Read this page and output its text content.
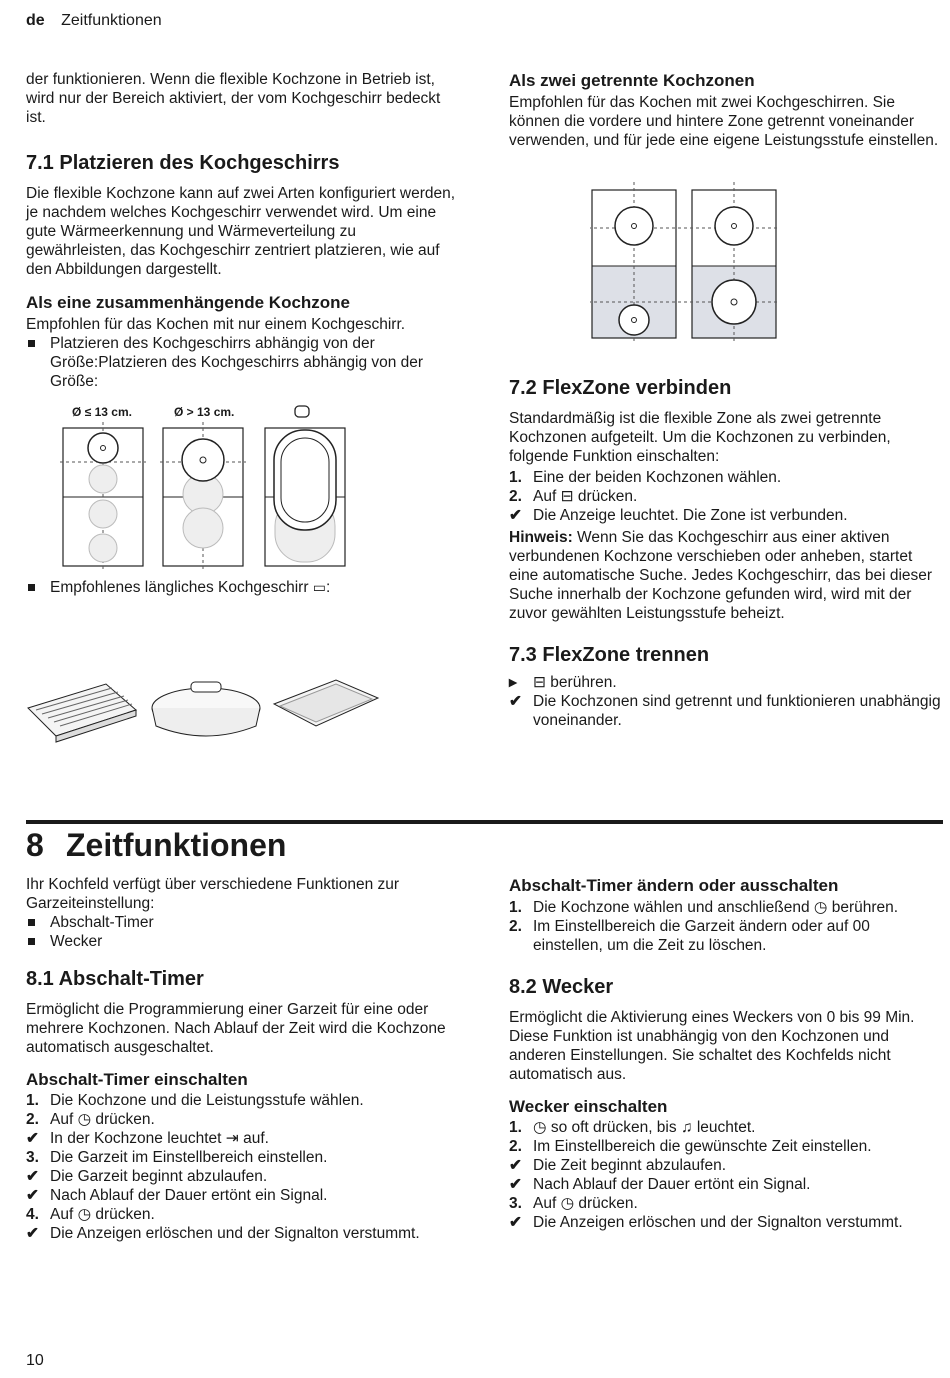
de Zeitfunktionen

der funktionieren. Wenn die flexible Kochzone in Betrieb ist, wird nur der Bereich aktiviert, der vom Kochgeschirr bedeckt ist.

7.1 Platzieren des Kochgeschirrs

Die flexible Kochzone kann auf zwei Arten konfiguriert werden, je nachdem welches Kochgeschirr verwendet wird. Um eine gute Wärmeerkennung und Wärmeverteilung zu gewährleisten, das Kochgeschirr zentriert platzieren, wie auf den Abbildungen dargestellt.

Als eine zusammenhängende Kochzone

Empfohlen für das Kochen mit nur einem Kochgeschirr.

Platzieren des Kochgeschirrs abhängig von der Größe:Platzieren des Kochgeschirrs abhängig von der Größe:
Ø ≤ 13 cm.	Ø > 13 cm.
Empfohlenes längliches Kochgeschirr ▭:
Als zwei getrennte Kochzonen

Empfohlen für das Kochen mit zwei Kochgeschirren. Sie können die vordere und hintere Zone getrennt voneinander verwenden, und für jede eine eigene Leistungsstufe einstellen.

7.2 FlexZone verbinden

Standardmäßig ist die flexible Zone als zwei getrennte Kochzonen aufgeteilt. Um die Kochzonen zu verbinden, folgende Funktion einschalten:

1. Eine der beiden Kochzonen wählen.
2. Auf ⊟ drücken.
✔ Die Anzeige leuchtet. Die Zone ist verbunden.

Hinweis: Wenn Sie das Kochgeschirr aus einer aktiven verbundenen Kochzone verschieben oder anheben, startet eine automatische Suche. Jedes Kochgeschirr, das bei dieser Suche innerhalb der Kochzone gefunden wird, wird mit der zuvor gewählten Leistungsstufe beheizt.

7.3 FlexZone trennen
▸	⊟ berühren.
✔ Die Kochzonen sind getrennt und funktionieren unabhängig voneinander.
8 Zeitfunktionen

Ihr Kochfeld verfügt über verschiedene Funktionen zur Garzeiteinstellung:

Abschalt-Timer
Wecker
8.1 Abschalt-Timer

Ermöglicht die Programmierung einer Garzeit für eine oder mehrere Kochzonen. Nach Ablauf der Zeit wird die Kochzone automatisch ausgeschaltet.

Abschalt-Timer einschalten
1. Die Kochzone und die Leistungsstufe wählen.
2. Auf ◷ drücken.
✔ In der Kochzone leuchtet ⇥ auf.
3. Die Garzeit im Einstellbereich einstellen.
✔ Die Garzeit beginnt abzulaufen.
✔ Nach Ablauf der Dauer ertönt ein Signal.
4. Auf ◷ drücken.
✔ Die Anzeigen erlöschen und der Signalton verstummt.
Abschalt-Timer ändern oder ausschalten
1. Die Kochzone wählen und anschließend ◷ berühren.
2. Im Einstellbereich die Garzeit ändern oder auf 00 einstellen, um die Zeit zu löschen.
8.2 Wecker

Ermöglicht die Aktivierung eines Weckers von 0 bis 99 Min. Diese Funktion ist unabhängig von den Kochzonen und anderen Einstellungen. Sie schaltet des Kochfelds nicht automatisch aus.

Wecker einschalten
1. ◷ so oft drücken, bis ♫ leuchtet.
2. Im Einstellbereich die gewünschte Zeit einstellen.
✔ Die Zeit beginnt abzulaufen.
✔ Nach Ablauf der Dauer ertönt ein Signal.
3. Auf ◷ drücken.
✔ Die Anzeigen erlöschen und der Signalton verstummt.
10
